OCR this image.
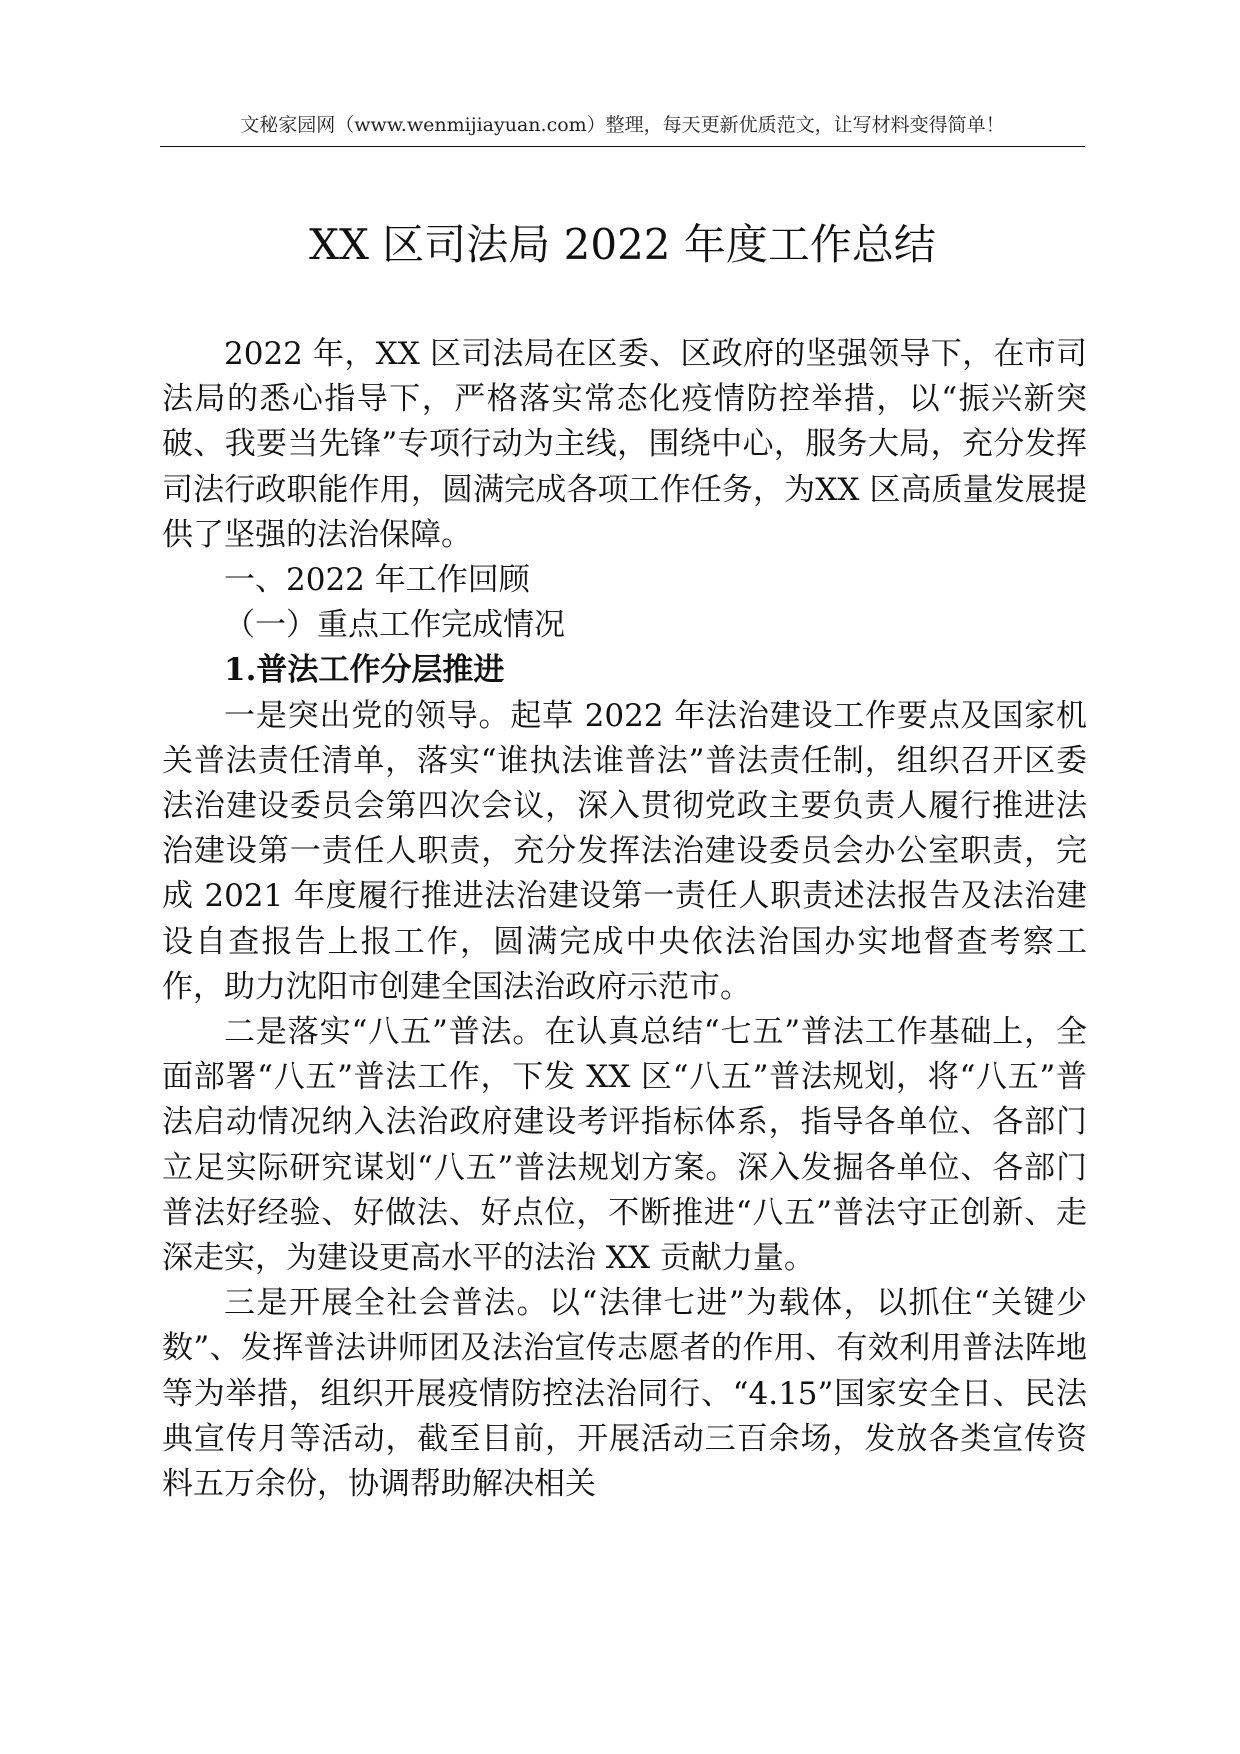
文秘家园网（www.wenmijiayuan.com）整理，每天更新优质范文，让写材料变得简单！
XX 区司法局 2022 年度工作总结

2022 年，XX 区司法局在区委、区政府的坚强领导下，在市司法局的悉心指导下，严格落实常态化疫情防控举措，以“振兴新突破、我要当先锋”专项行动为主线，围绕中心，服务大局，充分发挥司法行政职能作用，圆满完成各项工作任务，为XX 区高质量发展提供了坚强的法治保障。

一、2022 年工作回顾

（一）重点工作完成情况

1.普法工作分层推进

一是突出党的领导。起草 2022 年法治建设工作要点及国家机关普法责任清单，落实“谁执法谁普法”普法责任制，组织召开区委法治建设委员会第四次会议，深入贯彻党政主要负责人履行推进法治建设第一责任人职责，充分发挥法治建设委员会办公室职责，完成 2021 年度履行推进法治建设第一责任人职责述法报告及法治建设自查报告上报工作，圆满完成中央依法治国办实地督查考察工作，助力沈阳市创建全国法治政府示范市。

二是落实“八五”普法。在认真总结“七五”普法工作基础上，全面部署“八五”普法工作，下发 XX 区“八五”普法规划，将“八五”普法启动情况纳入法治政府建设考评指标体系，指导各单位、各部门立足实际研究谋划“八五”普法规划方案。深入发掘各单位、各部门普法好经验、好做法、好点位，不断推进“八五”普法守正创新、走深走实，为建设更高水平的法治 XX 贡献力量。

三是开展全社会普法。以“法律七进”为载体，以抓住“关键少数”、发挥普法讲师团及法治宣传志愿者的作用、有效利用普法阵地等为举措，组织开展疫情防控法治同行、“4.15”国家安全日、民法典宣传月等活动，截至目前，开展活动三百余场，发放各类宣传资料五万余份，协调帮助解决相关
